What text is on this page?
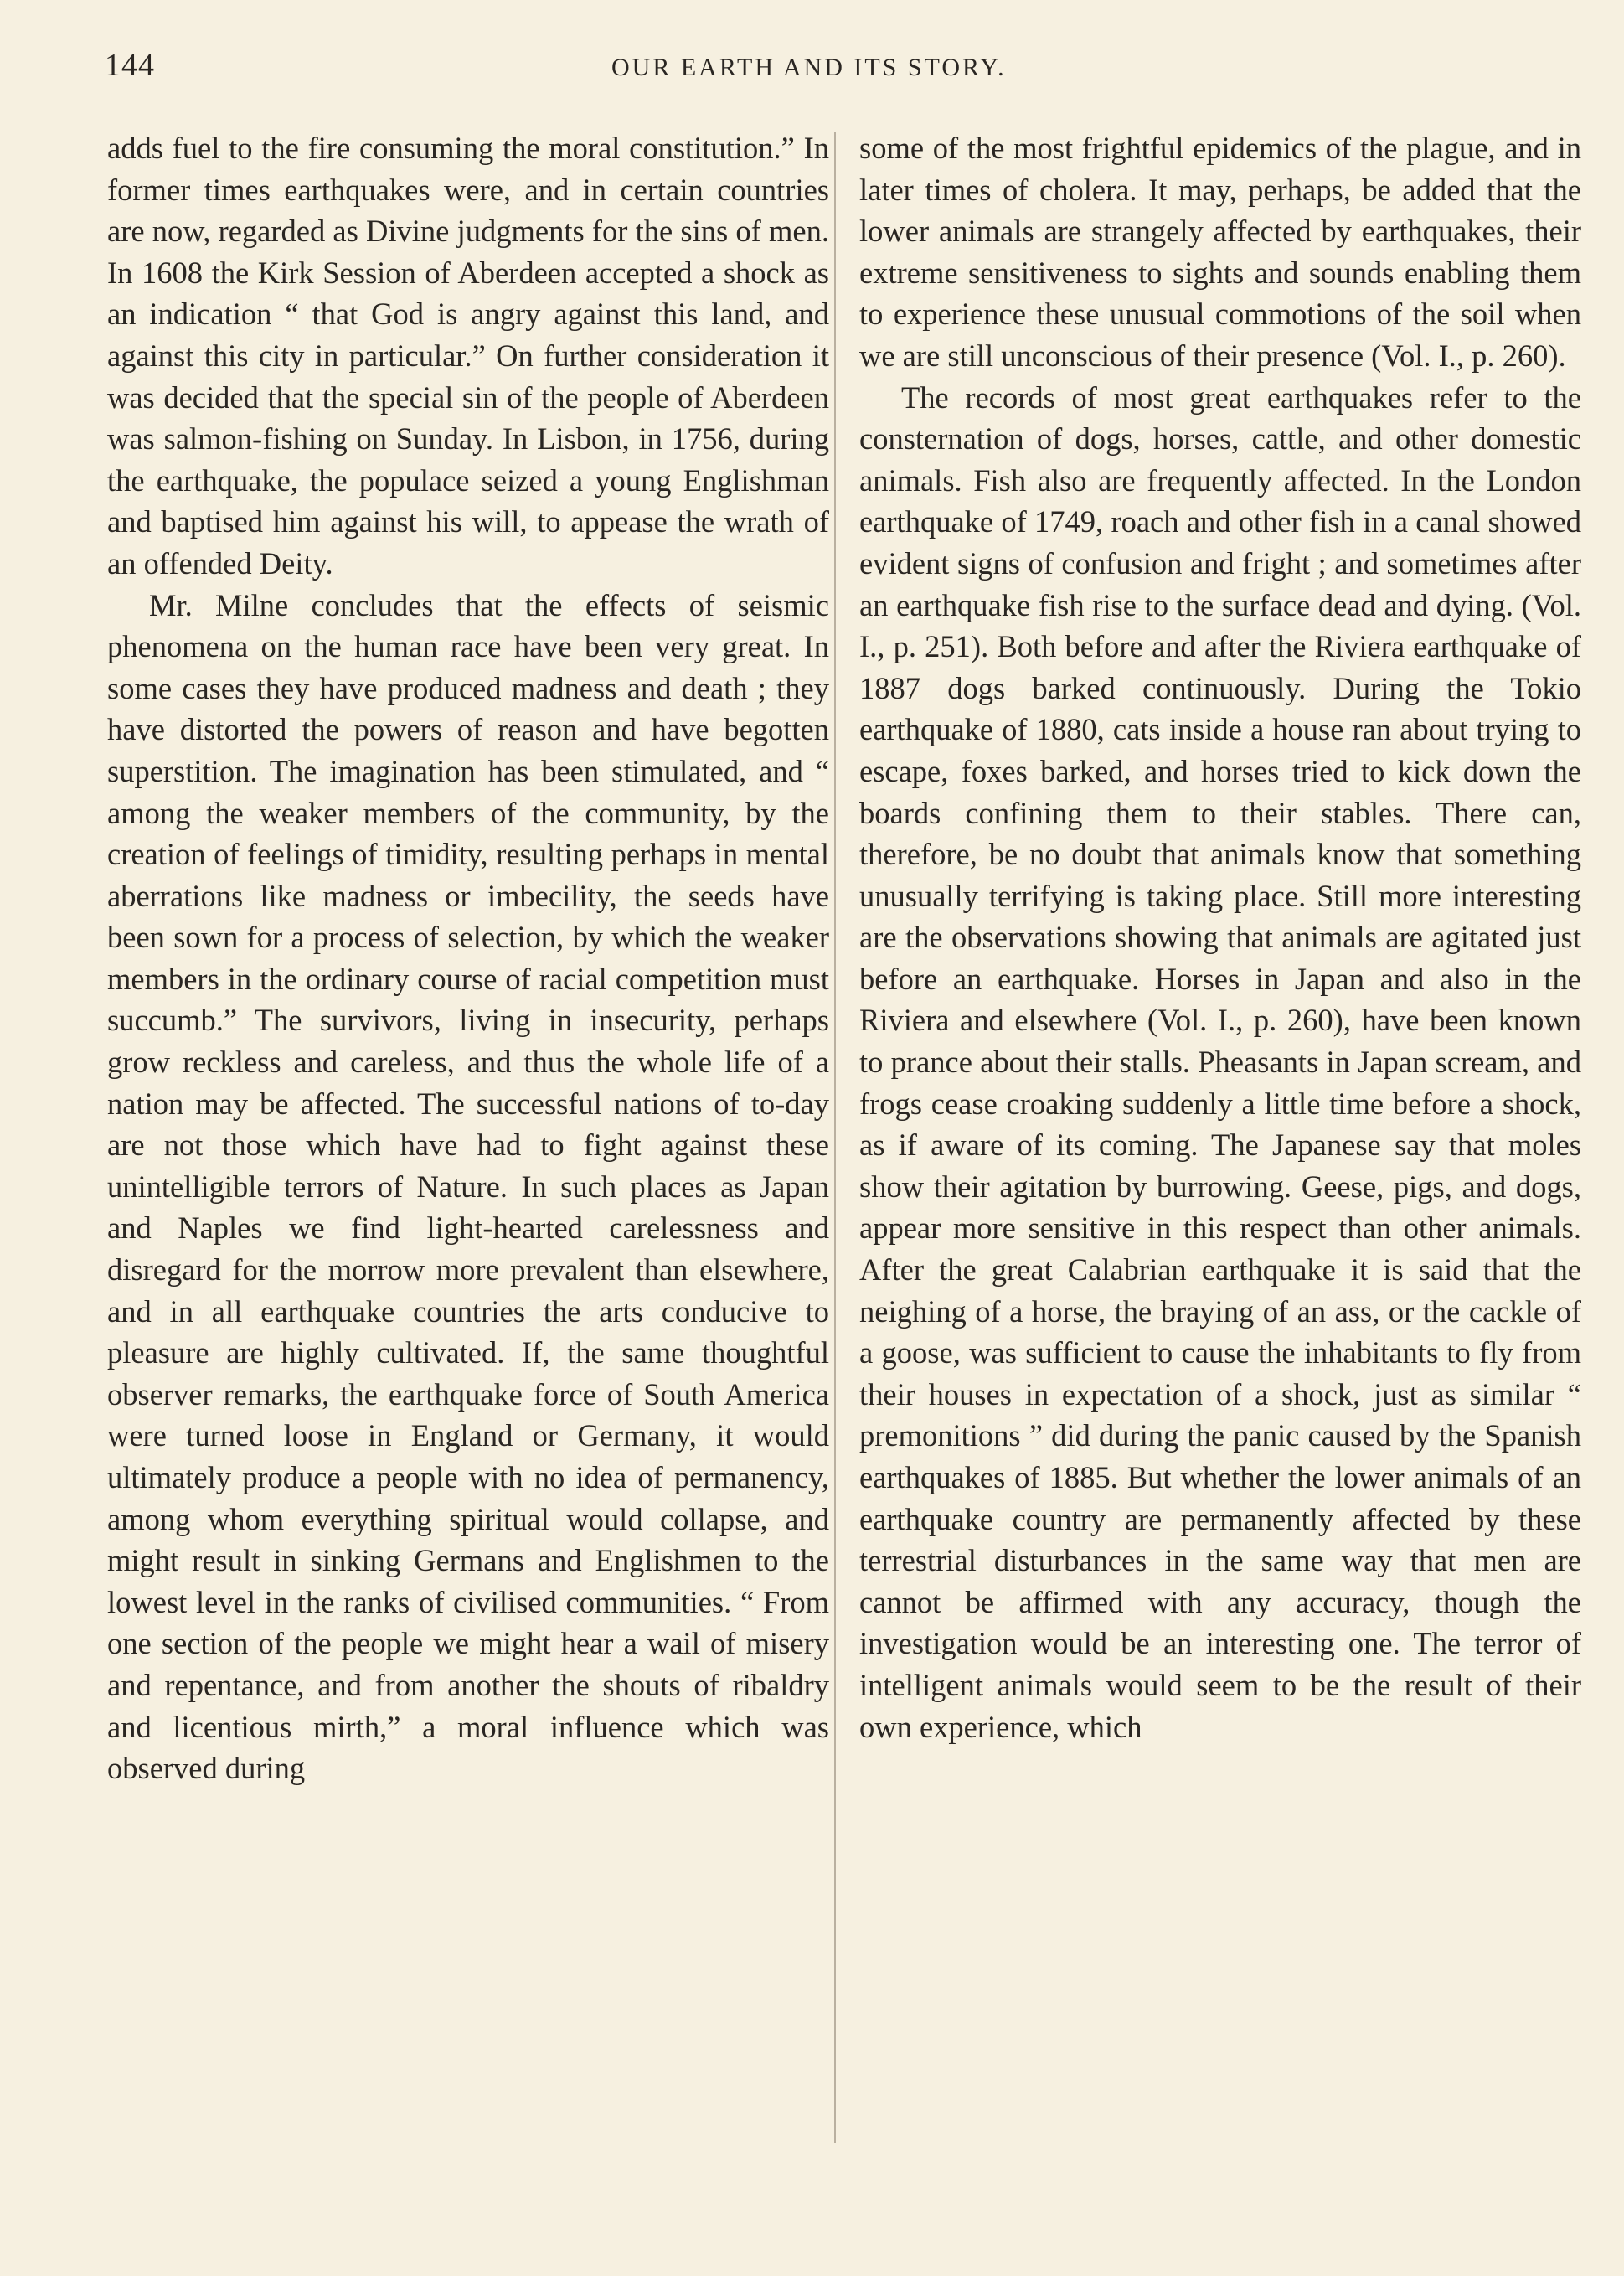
144	OUR EARTH AND ITS STORY.

adds fuel to the fire consuming the moral constitution.” In former times earthquakes were, and in certain countries are now, regarded as Divine judgments for the sins of men. In 1608 the Kirk Session of Aberdeen accepted a shock as an indication “ that God is angry against this land, and against this city in particular.” On further consideration it was decided that the special sin of the people of Aberdeen was salmon-fishing on Sunday. In Lisbon, in 1756, during the earthquake, the populace seized a young Englishman and baptised him against his will, to appease the wrath of an offended Deity.

Mr. Milne concludes that the effects of seismic phenomena on the human race have been very great. In some cases they have produced madness and death ; they have distorted the powers of reason and have begotten superstition. The imagination has been stimulated, and “ among the weaker members of the community, by the creation of feelings of timidity, resulting perhaps in mental aberrations like madness or imbecility, the seeds have been sown for a process of selection, by which the weaker members in the ordinary course of racial competition must succumb.” The survivors, living in insecurity, perhaps grow reckless and careless, and thus the whole life of a nation may be affected. The successful nations of to-day are not those which have had to fight against these unintelligible terrors of Nature. In such places as Japan and Naples we find light-hearted carelessness and disregard for the morrow more prevalent than elsewhere, and in all earthquake countries the arts conducive to pleasure are highly cultivated. If, the same thoughtful observer remarks, the earthquake force of South America were turned loose in England or Germany, it would ultimately produce a people with no idea of permanency, among whom everything spiritual would collapse, and might result in sinking Germans and Englishmen to the lowest level in the ranks of civilised communities. “ From one section of the people we might hear a wail of misery and repentance, and from another the shouts of ribaldry and licentious mirth,” a moral influence which was observed during

some of the most frightful epidemics of the plague, and in later times of cholera. It may, perhaps, be added that the lower animals are strangely affected by earthquakes, their extreme sensitiveness to sights and sounds enabling them to experience these unusual commotions of the soil when we are still unconscious of their presence (Vol. I., p. 260).

The records of most great earthquakes refer to the consternation of dogs, horses, cattle, and other domestic animals. Fish also are frequently affected. In the London earthquake of 1749, roach and other fish in a canal showed evident signs of confusion and fright ; and sometimes after an earthquake fish rise to the surface dead and dying. (Vol. I., p. 251). Both before and after the Riviera earthquake of 1887 dogs barked continuously. During the Tokio earthquake of 1880, cats inside a house ran about trying to escape, foxes barked, and horses tried to kick down the boards confining them to their stables. There can, therefore, be no doubt that animals know that something unusually terrifying is taking place. Still more interesting are the observations showing that animals are agitated just before an earthquake. Horses in Japan and also in the Riviera and elsewhere (Vol. I., p. 260), have been known to prance about their stalls. Pheasants in Japan scream, and frogs cease croaking suddenly a little time before a shock, as if aware of its coming. The Japanese say that moles show their agitation by burrowing. Geese, pigs, and dogs, appear more sensitive in this respect than other animals. After the great Calabrian earthquake it is said that the neighing of a horse, the braying of an ass, or the cackle of a goose, was sufficient to cause the inhabitants to fly from their houses in expectation of a shock, just as similar “ premonitions ” did during the panic caused by the Spanish earthquakes of 1885. But whether the lower animals of an earthquake country are permanently affected by these terrestrial disturbances in the same way that men are cannot be affirmed with any accuracy, though the investigation would be an interesting one. The terror of intelligent animals would seem to be the result of their own experience, which
